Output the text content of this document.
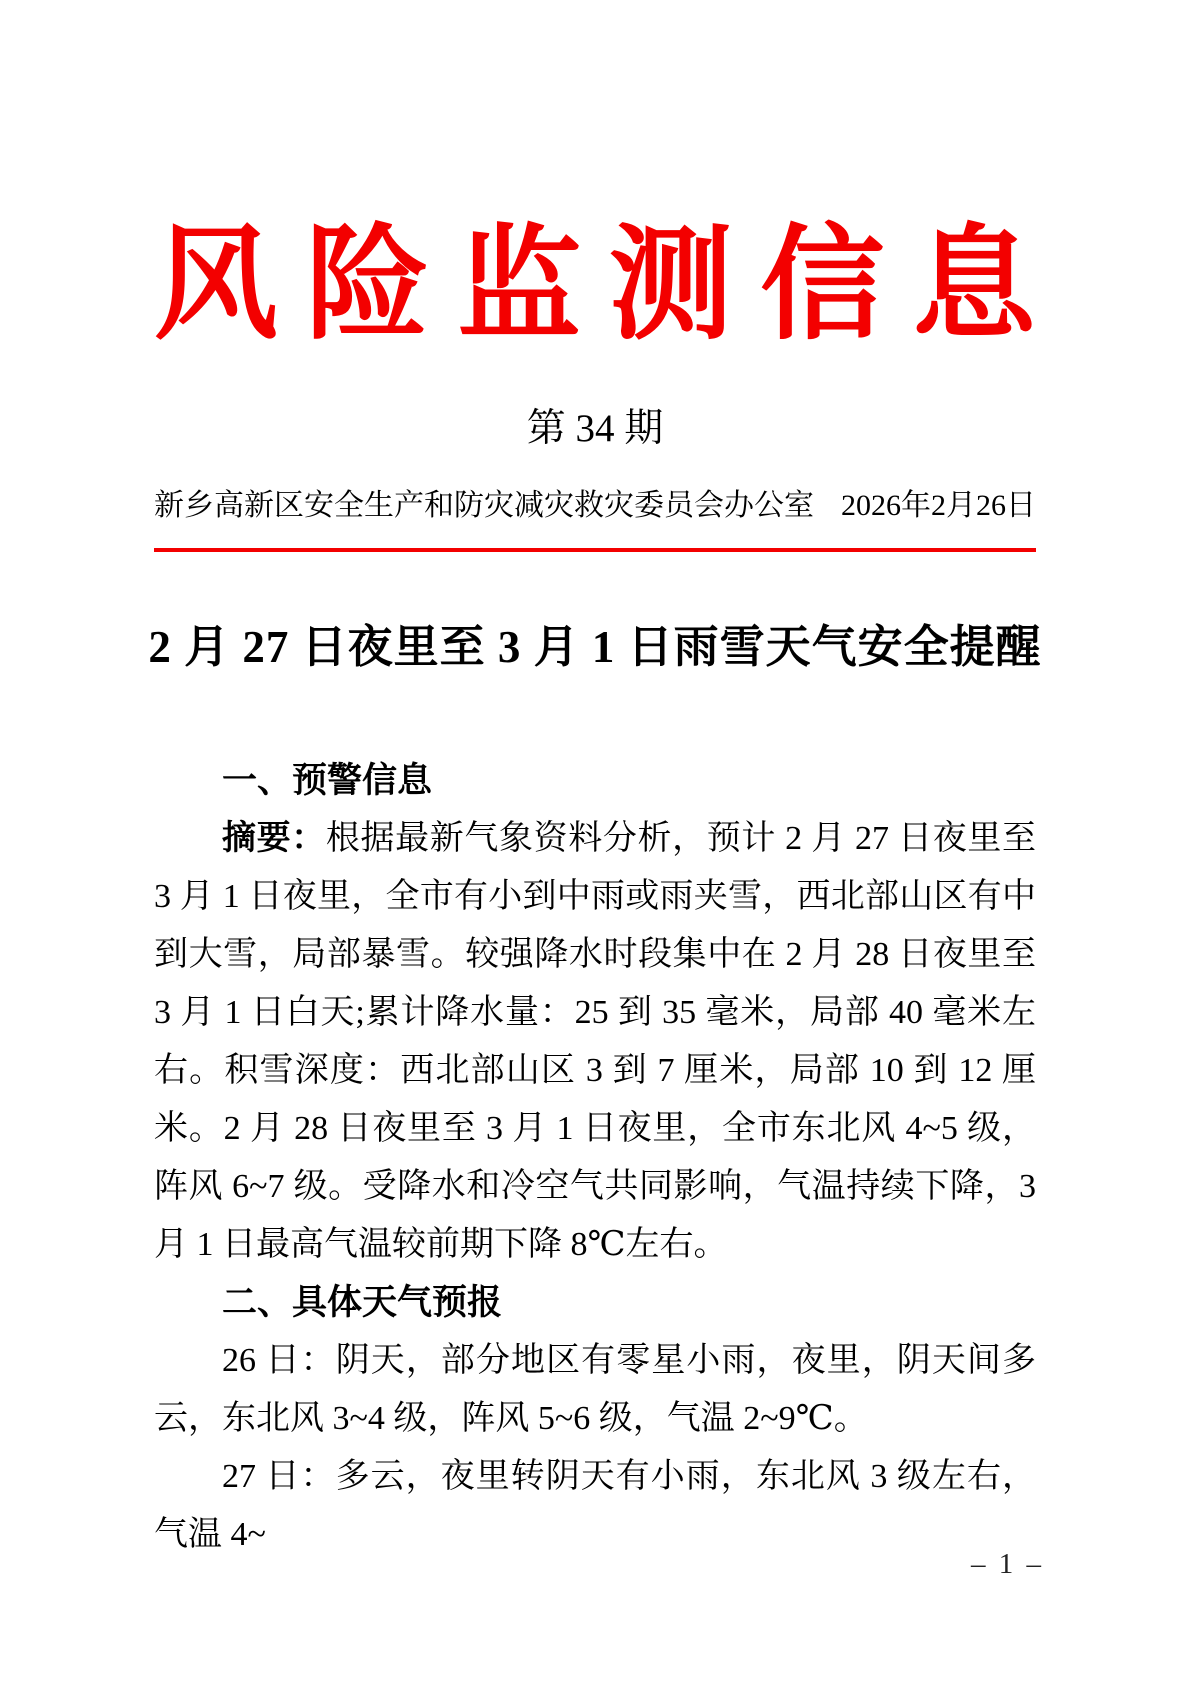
风 险 监 测 信 息
第 34 期
新乡高新区安全生产和防灾减灾救灾委员会办公室 2026年2月26日
2 月 27 日夜里至 3 月 1 日雨雪天气安全提醒

一、预警信息

摘要：根据最新气象资料分析，预计 2 月 27 日夜里至 3 月 1 日夜里，全市有小到中雨或雨夹雪，西北部山区有中到大雪，局部暴雪。较强降水时段集中在 2 月 28 日夜里至 3 月 1 日白天;累计降水量：25 到 35 毫米，局部 40 毫米左右。积雪深度：西北部山区 3 到 7 厘米，局部 10 到 12 厘米。2 月 28 日夜里至 3 月 1 日夜里，全市东北风 4~5 级，阵风 6~7 级。受降水和冷空气共同影响，气温持续下降，3 月 1 日最高气温较前期下降 8℃左右。

二、具体天气预报

26 日：阴天，部分地区有零星小雨，夜里，阴天间多云，东北风 3~4 级，阵风 5~6 级，气温 2~9℃。

27 日：多云，夜里转阴天有小雨，东北风 3 级左右，气温 4~

– 1 –
